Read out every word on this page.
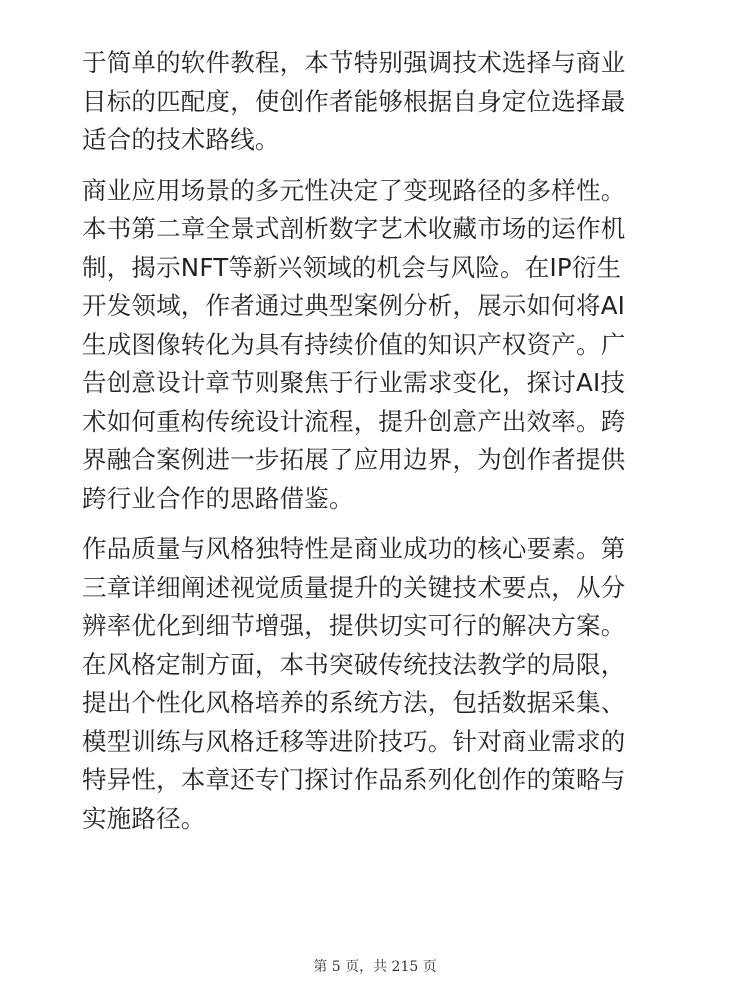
于简单的软件教程，本节特别强调技术选择与商业
目标的匹配度，使创作者能够根据自身定位选择最
适合的技术路线。

商业应用场景的多元性决定了变现路径的多样性。
本书第二章全景式剖析数字艺术收藏市场的运作机
制，揭示NFT等新兴领域的机会与风险。在IP衍生
开发领域，作者通过典型案例分析，展示如何将AI
生成图像转化为具有持续价值的知识产权资产。广
告创意设计章节则聚焦于行业需求变化，探讨AI技
术如何重构传统设计流程，提升创意产出效率。跨
界融合案例进一步拓展了应用边界，为创作者提供
跨行业合作的思路借鉴。

作品质量与风格独特性是商业成功的核心要素。第
三章详细阐述视觉质量提升的关键技术要点，从分
辨率优化到细节增强，提供切实可行的解决方案。
在风格定制方面，本书突破传统技法教学的局限，
提出个性化风格培养的系统方法，包括数据采集、
模型训练与风格迁移等进阶技巧。针对商业需求的
特异性，本章还专门探讨作品系列化创作的策略与
实施路径。

第 5 页，共 215 页
